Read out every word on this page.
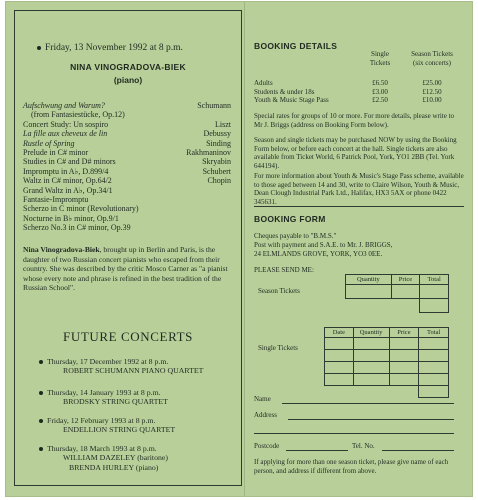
Friday, 13 November 1992 at 8 p.m.
NINA VINOGRADOVA-BIEK
(piano)
Aufschwung and Warum?	Schumann
(from Fantasiestücke, Op.12)
Concert Study: Un sospiro	Liszt
La fille aux cheveux de lin	Debussy
Rustle of Spring	Sinding
Prelude in C# minor	Rakhmaninov
Studies in C# and D# minors	Skryabin
Impromptu in A♭, D.899/4	Schubert
Waltz in C# minor, Op.64/2	Chopin
Grand Waltz in A♭, Op.34/1
Fantasie-Impromptu
Scherzo in C minor (Revolutionary)
Nocturne in B♭ minor, Op.9/1
Scherzo No.3 in C# minor, Op.39
Nina Vinogradova-Biek, brought up in Berlin and Paris, is the daughter of two Russian concert pianists who escaped from their country. She was described by the critic Mosco Carner as "a pianist whose every note and phrase is refined in the best tradition of the Russian School".
FUTURE CONCERTS
Thursday, 17 December 1992 at 8 p.m.
ROBERT SCHUMANN PIANO QUARTET
Thursday, 14 January 1993 at 8 p.m.
BRODSKY STRING QUARTET
Friday, 12 February 1993 at 8 p.m.
ENDELLION STRING QUARTET
Thursday, 18 March 1993 at 8 p.m.
WILLIAM DAZELEY (baritone)
BRENDA HURLEY (piano)
BOOKING DETAILS
Single
Tickets
Season Tickets
(six concerts)
Adults	£6.50	£25.00
Students & under 18s	£3.00	£12.50
Youth & Music Stage Pass	£2.50	£10.00
Special rates for groups of 10 or more. For more details, please write to Mr J. Briggs (address on Booking Form below).
Season and single tickets may be purchased NOW by using the Booking Form below, or before each concert at the hall. Single tickets are also available from Ticket World, 6 Patrick Pool, York, YO1 2BB (Tel. York 644194).
For more information about Youth & Music's Stage Pass scheme, available to those aged between 14 and 30, write to Claire Wilson, Youth & Music, Dean Clough Industrial Park Ltd., Halifax, HX3 5AX or phone 0422 345631.
BOOKING FORM
Cheques payable to "B.M.S."
Post with payment and S.A.E. to Mr. J. BRIGGS,
24 ELMLANDS GROVE, YORK, YO3 0EE.
PLEASE SEND ME:
Quantity	Price	Total

Season Tickets
Date	Quantity	Price	Total

Single Tickets
Name
Address
Postcode	Tel. No.
If applying for more than one season ticket, please give name of each person, and address if different from above.
